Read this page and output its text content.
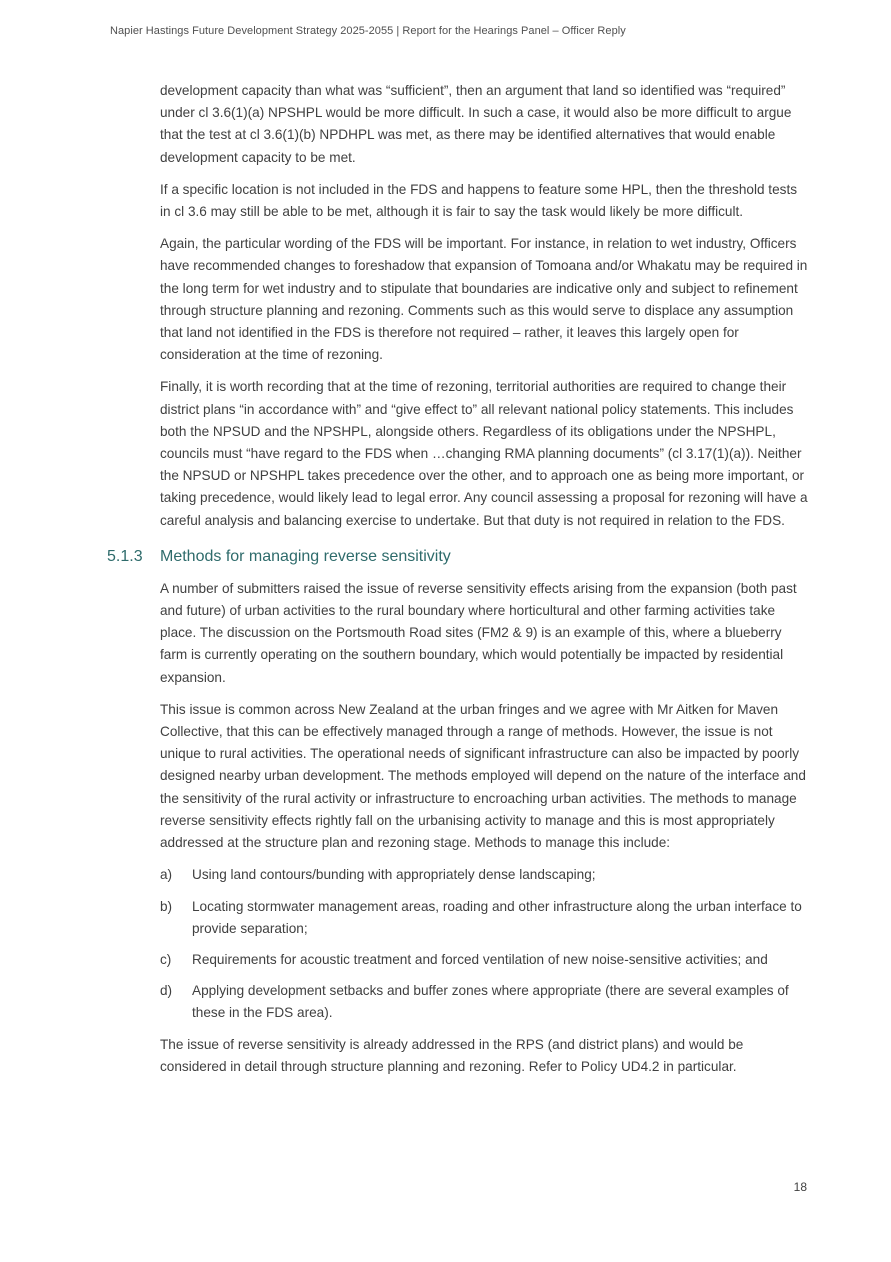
Napier Hastings Future Development Strategy 2025-2055 | Report for the Hearings Panel – Officer Reply

development capacity than what was “sufficient”, then an argument that land so identified was “required” under cl 3.6(1)(a) NPSHPL would be more difficult. In such a case, it would also be more difficult to argue that the test at cl 3.6(1)(b) NPDHPL was met, as there may be identified alternatives that would enable development capacity to be met.

If a specific location is not included in the FDS and happens to feature some HPL, then the threshold tests in cl 3.6 may still be able to be met, although it is fair to say the task would likely be more difficult.

Again, the particular wording of the FDS will be important. For instance, in relation to wet industry, Officers have recommended changes to foreshadow that expansion of Tomoana and/or Whakatu may be required in the long term for wet industry and to stipulate that boundaries are indicative only and subject to refinement through structure planning and rezoning. Comments such as this would serve to displace any assumption that land not identified in the FDS is therefore not required – rather, it leaves this largely open for consideration at the time of rezoning.

Finally, it is worth recording that at the time of rezoning, territorial authorities are required to change their district plans “in accordance with” and “give effect to” all relevant national policy statements. This includes both the NPSUD and the NPSHPL, alongside others. Regardless of its obligations under the NPSHPL, councils must “have regard to the FDS when …changing RMA planning documents” (cl 3.17(1)(a)). Neither the NPSUD or NPSHPL takes precedence over the other, and to approach one as being more important, or taking precedence, would likely lead to legal error. Any council assessing a proposal for rezoning will have a careful analysis and balancing exercise to undertake. But that duty is not required in relation to the FDS.

5.1.3 Methods for managing reverse sensitivity

A number of submitters raised the issue of reverse sensitivity effects arising from the expansion (both past and future) of urban activities to the rural boundary where horticultural and other farming activities take place. The discussion on the Portsmouth Road sites (FM2 & 9) is an example of this, where a blueberry farm is currently operating on the southern boundary, which would potentially be impacted by residential expansion.

This issue is common across New Zealand at the urban fringes and we agree with Mr Aitken for Maven Collective, that this can be effectively managed through a range of methods. However, the issue is not unique to rural activities. The operational needs of significant infrastructure can also be impacted by poorly designed nearby urban development. The methods employed will depend on the nature of the interface and the sensitivity of the rural activity or infrastructure to encroaching urban activities. The methods to manage reverse sensitivity effects rightly fall on the urbanising activity to manage and this is most appropriately addressed at the structure plan and rezoning stage. Methods to manage this include:

a)	Using land contours/bunding with appropriately dense landscaping;
b)	Locating stormwater management areas, roading and other infrastructure along the urban interface to provide separation;
c)	Requirements for acoustic treatment and forced ventilation of new noise-sensitive activities; and
d)	Applying development setbacks and buffer zones where appropriate (there are several examples of these in the FDS area).

The issue of reverse sensitivity is already addressed in the RPS (and district plans) and would be considered in detail through structure planning and rezoning. Refer to Policy UD4.2 in particular.

18
